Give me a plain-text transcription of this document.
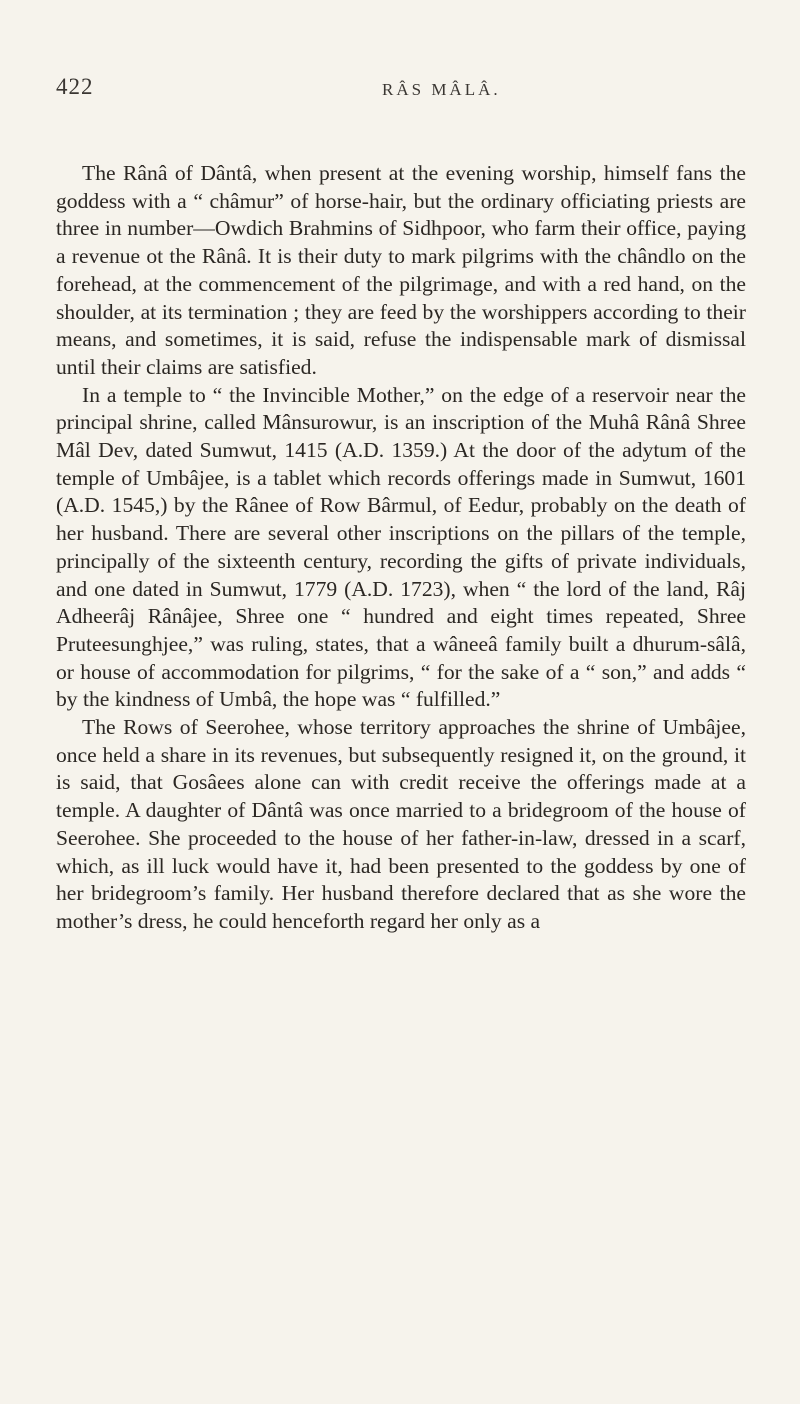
422	RÂS MÂLÂ.

The Rânâ of Dântâ, when present at the evening worship, himself fans the goddess with a “ châmur” of horse-hair, but the ordinary officiating priests are three in number—Owdich Brahmins of Sidhpoor, who farm their office, paying a revenue ot the Rânâ. It is their duty to mark pilgrims with the chândlo on the forehead, at the commencement of the pilgrimage, and with a red hand, on the shoulder, at its termination ; they are feed by the worshippers according to their means, and sometimes, it is said, refuse the indispensable mark of dismissal until their claims are satisfied.

In a temple to “ the Invincible Mother,” on the edge of a reservoir near the principal shrine, called Mânsurowur, is an inscription of the Muhâ Rânâ Shree Mâl Dev, dated Sumwut, 1415 (A.D. 1359.) At the door of the adytum of the temple of Umbâjee, is a tablet which records offerings made in Sumwut, 1601 (A.D. 1545,) by the Rânee of Row Bârmul, of Eedur, probably on the death of her husband. There are several other inscriptions on the pillars of the temple, principally of the sixteenth century, recording the gifts of private individuals, and one dated in Sumwut, 1779 (A.D. 1723), when “ the lord of the land, Râj Adheerâj Rânâjee, Shree one “ hundred and eight times repeated, Shree Pruteesunghjee,” was ruling, states, that a wâneeâ family built a dhurum-sâlâ, or house of accommodation for pilgrims, “ for the sake of a “ son,” and adds “ by the kindness of Umbâ, the hope was “ fulfilled.”

The Rows of Seerohee, whose territory approaches the shrine of Umbâjee, once held a share in its revenues, but subsequently resigned it, on the ground, it is said, that Gosâees alone can with credit receive the offerings made at a temple. A daughter of Dântâ was once married to a bridegroom of the house of Seerohee. She proceeded to the house of her father-in-law, dressed in a scarf, which, as ill luck would have it, had been presented to the goddess by one of her bridegroom’s family. Her husband therefore declared that as she wore the mother’s dress, he could henceforth regard her only as a
